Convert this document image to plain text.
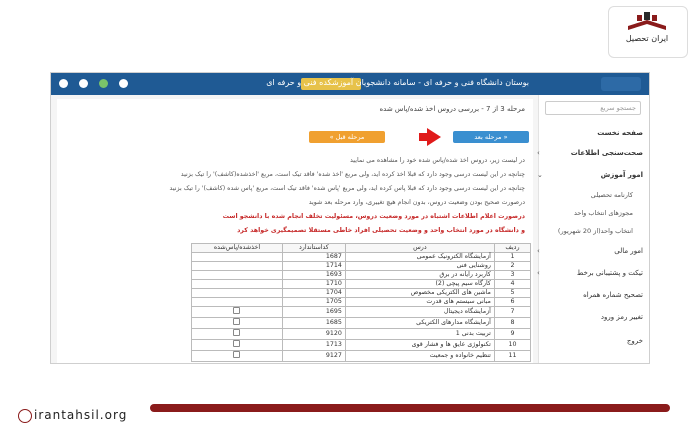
ایران تحصیل
بوستان دانشگاه فنی و حرفه ای - سامانه دانشجویان آموزشکده فنی و حرفه ای
جستجو سریع
صفحه نخست
صحت‌سنجی اطلاعات
‹
امور آموزش
⌄
کارنامه تحصیلی
مجوزهای انتخاب واحد
انتخاب واحد(از 20 شهریور)
امور مالی
‹
تیکت و پشتیبانی برخط
‹
تصحیح شماره همراه
تغییر رمز ورود
خروج
مرحله 3 از 7 - بررسی دروس اخذ شده/پاس شده
« مرحله قبل	مرحله بعد »
در لیست زیر، دروس اخذ شده/پاس شده خود را مشاهده می نمایید
چنانچه در این لیست درسی وجود دارد که قبلا اخذ کرده اید، ولی مربع 'اخذ شده' فاقد تیک است، مربع 'اخذشده(کاشف)' را تیک بزنید
چنانچه در این لیست درسی وجود دارد که قبلا پاس کرده اید، ولی مربع 'پاس شده' فاقد تیک است، مربع 'پاس شده (کاشف)' را تیک بزنید
درصورت صحیح بودن وضعیت دروس، بدون انجام هیچ تغییری، وارد مرحله بعد شوید
درصورت اعلام اطلاعات اشتباه در مورد وضعیت دروس، مسئولیت تخلف انجام شده با دانشجو است
و دانشگاه در مورد انتخاب واحد و وضعیت تحصیلی افراد خاطی مستقلا تصمیمگیری خواهد کرد
ردیف	درس	کداستاندارد	اخذشده/پاس‌شده
1	آزمایشگاه الکترونیک عمومی	1687	
2	روشنایی فنی	1714	
3	کاربرد رایانه در برق	1693	
4	کارگاه سیم پیچی (2)	1710	
5	ماشین های الکتریکی مخصوص	1704	
6	مبانی سیستم های قدرت	1705	
7	آزمایشگاه دیجیتال	1695	
8	آزمایشگاه مدارهای الکتریکی	1685	
9	تربیت بدنی 1	9120	
10	تکنولوژی عایق ها و فشار قوی	1713	
11	تنظیم خانواده و جمعیت	9127	
irantahsil.org
